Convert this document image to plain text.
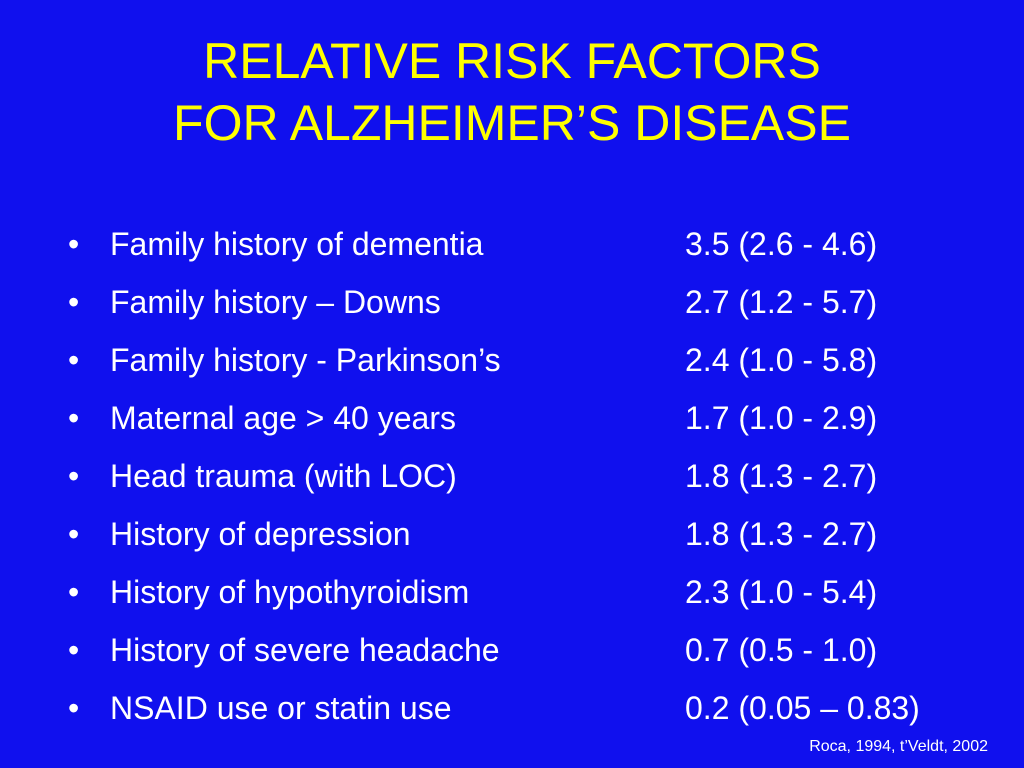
RELATIVE RISK FACTORS
FOR ALZHEIMER’S DISEASE
• Family history of dementia	3.5 (2.6 - 4.6)
• Family history – Downs	2.7 (1.2 - 5.7)
• Family history - Parkinson’s	2.4 (1.0 - 5.8)
• Maternal age > 40 years	1.7 (1.0 - 2.9)
• Head trauma (with LOC)	1.8 (1.3 - 2.7)
• History of depression	1.8 (1.3 - 2.7)
• History of hypothyroidism	2.3 (1.0 - 5.4)
• History of severe headache	0.7 (0.5 - 1.0)
• NSAID use or statin use	0.2 (0.05 – 0.83)
Roca, 1994, t’Veldt, 2002
